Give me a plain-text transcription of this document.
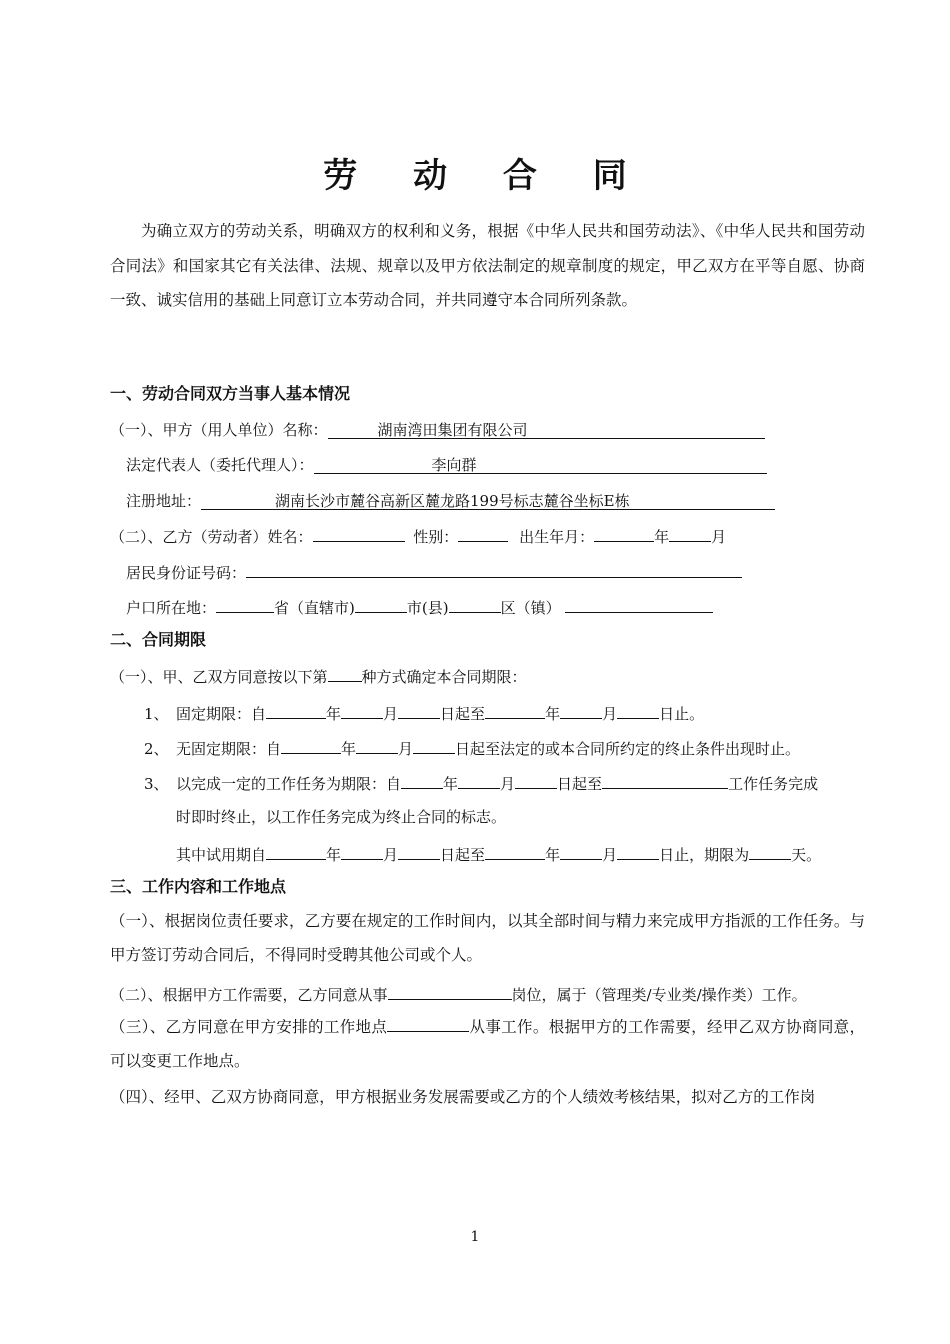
劳 动 合 同
为确立双方的劳动关系，明确双方的权利和义务，根据《中华人民共和国劳动法》、《中华人民共和国劳动合同法》和国家其它有关法律、法规、规章以及甲方依法制定的规章制度的规定，甲乙双方在平等自愿、协商一致、诚实信用的基础上同意订立本劳动合同，并共同遵守本合同所列条款。
一、劳动合同双方当事人基本情况
（一）、甲方（用人单位）名称：	湖南湾田集团有限公司
法定代表人（委托代理人）：	李向群
注册地址：	湖南长沙市麓谷高新区麓龙路199号标志麓谷坐标E栋
（二）、乙方（劳动者）姓名：	性别：	出生年月：	年	月
居民身份证号码：
户口所在地：	省（直辖市)	市(县)	区（镇）
二、合同期限
（一）、甲、乙双方同意按以下第 种方式确定本合同期限：
1、 固定期限：自	年	月	日起至	年	月	日止。
2、 无固定期限：自	年	月	日起至法定的或本合同所约定的终止条件出现时止。
3、 以完成一定的工作任务为期限：自	年	月	日起至	工作任务完成
时即时终止，以工作任务完成为终止合同的标志。
其中试用期自	年	月	日起至	年	月	日止，期限为	天。
三、工作内容和工作地点
（一）、根据岗位责任要求，乙方要在规定的工作时间内，以其全部时间与精力来完成甲方指派的工作任务。与甲方签订劳动合同后，不得同时受聘其他公司或个人。
（二）、根据甲方工作需要，乙方同意从事	岗位，属于（管理类/专业类/操作类）工作。
（三）、乙方同意在甲方安排的工作地点	从事工作。根据甲方的工作需要，经甲乙双方协商同意，可以变更工作地点。
（四）、经甲、乙双方协商同意，甲方根据业务发展需要或乙方的个人绩效考核结果，拟对乙方的工作岗
1
